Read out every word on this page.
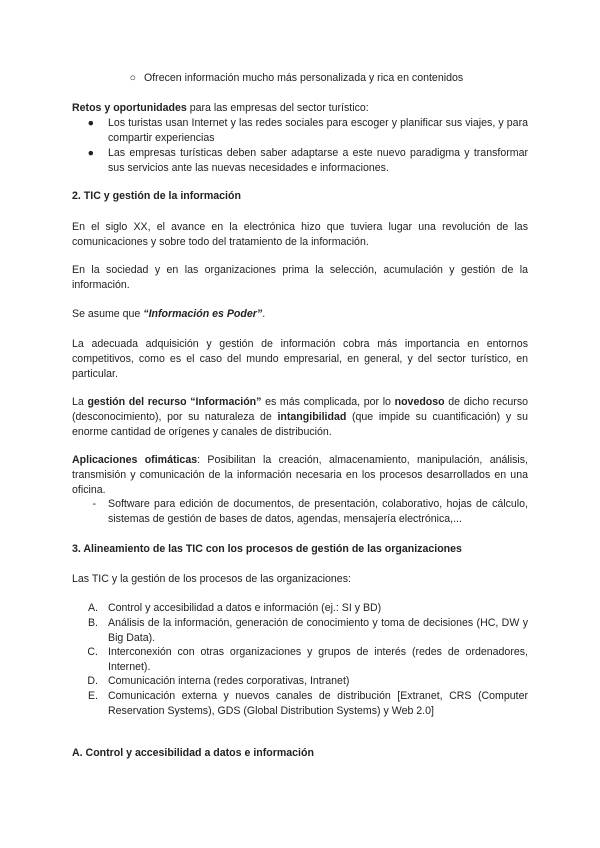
○ Ofrecen información mucho más personalizada y rica en contenidos

Retos y oportunidades para las empresas del sector turístico:

● Los turistas usan Internet y las redes sociales para escoger y planificar sus viajes, y para compartir experiencias

● Las empresas turísticas deben saber adaptarse a este nuevo paradigma y transformar sus servicios ante las nuevas necesidades e informaciones.

2. TIC y gestión de la información

En el siglo XX, el avance en la electrónica hizo que tuviera lugar una revolución de las comunicaciones y sobre todo del tratamiento de la información.

En la sociedad y en las organizaciones prima la selección, acumulación y gestión de la información.

Se asume que “Información es Poder”.

La adecuada adquisición y gestión de información cobra más importancia en entornos competitivos, como es el caso del mundo empresarial, en general, y del sector turístico, en particular.

La gestión del recurso “Información” es más complicada, por lo novedoso de dicho recurso (desconocimiento), por su naturaleza de intangibilidad (que impide su cuantificación) y su enorme cantidad de orígenes y canales de distribución.

Aplicaciones ofimáticas: Posibilitan la creación, almacenamiento, manipulación, análisis, transmisión y comunicación de la información necesaria en los procesos desarrollados en una oficina.

- Software para edición de documentos, de presentación, colaborativo, hojas de cálculo, sistemas de gestión de bases de datos, agendas, mensajería electrónica,...

3. Alineamiento de las TIC con los procesos de gestión de las organizaciones

Las TIC y la gestión de los procesos de las organizaciones:

A. Control y accesibilidad a datos e información (ej.: SI y BD)

B. Análisis de la información, generación de conocimiento y toma de decisiones (HC, DW y Big Data).

C. Interconexión con otras organizaciones y grupos de interés (redes de ordenadores, Internet).

D. Comunicación interna (redes corporativas, Intranet)

E. Comunicación externa y nuevos canales de distribución [Extranet, CRS (Computer Reservation Systems), GDS (Global Distribution Systems) y Web 2.0]

A. Control y accesibilidad a datos e información
